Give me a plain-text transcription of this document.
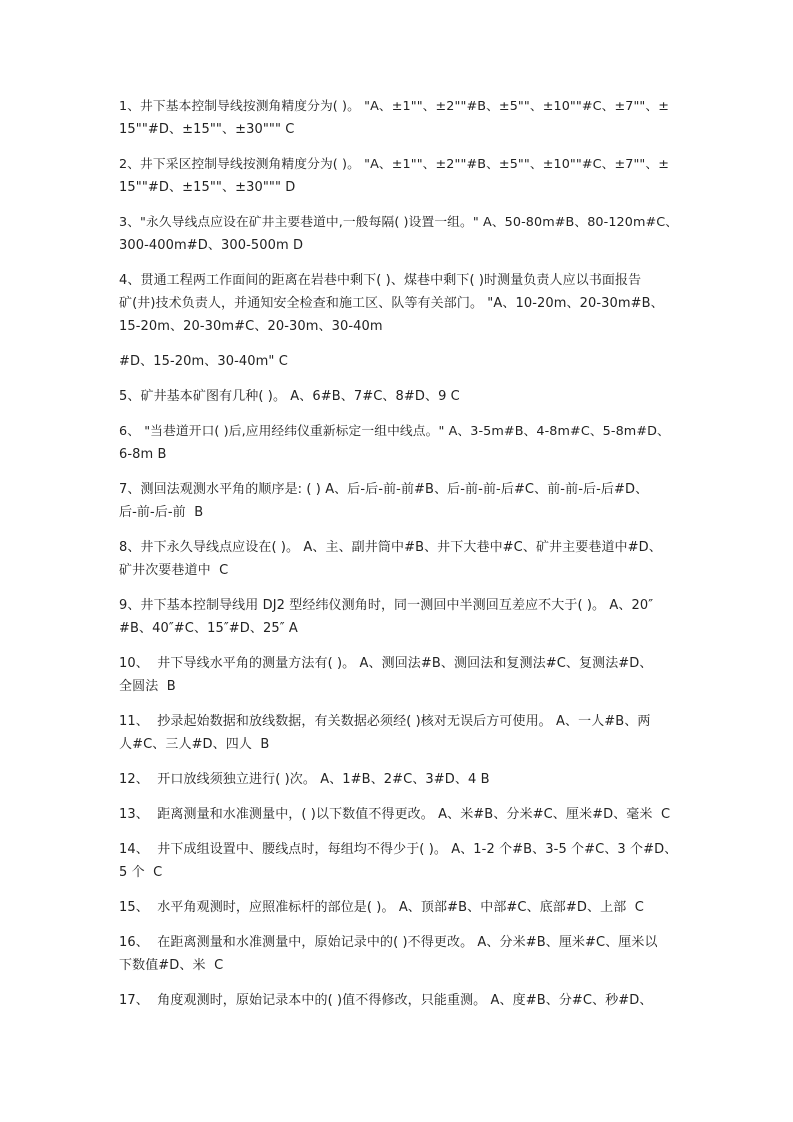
1、井下基本控制导线按测角精度分为( )。 "A、±1""、±2""#B、±5""、±10""#C、±7""、±
15""#D、±15""、±30""" C
2、井下采区控制导线按测角精度分为( )。 "A、±1""、±2""#B、±5""、±10""#C、±7""、±
15""#D、±15""、±30""" D
3、"永久导线点应设在矿井主要巷道中,一般每隔( )设置一组。" A、50-80m#B、80-120m#C、
300-400m#D、300-500m D
4、贯通工程两工作面间的距离在岩巷中剩下( )、煤巷中剩下( )时测量负责人应以书面报告
矿(井)技术负责人，并通知安全检查和施工区、队等有关部门。 "A、10-20m、20-30m#B、
15-20m、20-30m#C、20-30m、30-40m
#D、15-20m、30-40m" C
5、矿井基本矿图有几种( )。 A、6#B、7#C、8#D、9 C
6、 "当巷道开口( )后,应用经纬仪重新标定一组中线点。" A、3-5m#B、4-8m#C、5-8m#D、
6-8m B
7、测回法观测水平角的顺序是: ( ) A、后-后-前-前#B、后-前-前-后#C、前-前-后-后#D、
后-前-后-前  B
8、井下永久导线点应设在( )。 A、主、副井筒中#B、井下大巷中#C、矿井主要巷道中#D、
矿井次要巷道中  C
9、井下基本控制导线用 DJ2 型经纬仪测角时，同一测回中半测回互差应不大于( )。 A、20″
#B、40″#C、15″#D、25″ A
10、  井下导线水平角的测量方法有( )。 A、测回法#B、测回法和复测法#C、复测法#D、
全圆法  B
11、  抄录起始数据和放线数据，有关数据必须经( )核对无误后方可使用。 A、一人#B、两
人#C、三人#D、四人  B
12、  开口放线须独立进行( )次。 A、1#B、2#C、3#D、4 B
13、  距离测量和水准测量中，( )以下数值不得更改。 A、米#B、分米#C、厘米#D、毫米  C
14、  井下成组设置中、腰线点时，每组均不得少于( )。 A、1-2 个#B、3-5 个#C、3 个#D、
5 个  C
15、  水平角观测时，应照准标杆的部位是( )。 A、顶部#B、中部#C、底部#D、上部  C
16、  在距离测量和水准测量中，原始记录中的( )不得更改。 A、分米#B、厘米#C、厘米以
下数值#D、米  C
17、  角度观测时，原始记录本中的( )值不得修改，只能重测。 A、度#B、分#C、秒#D、
